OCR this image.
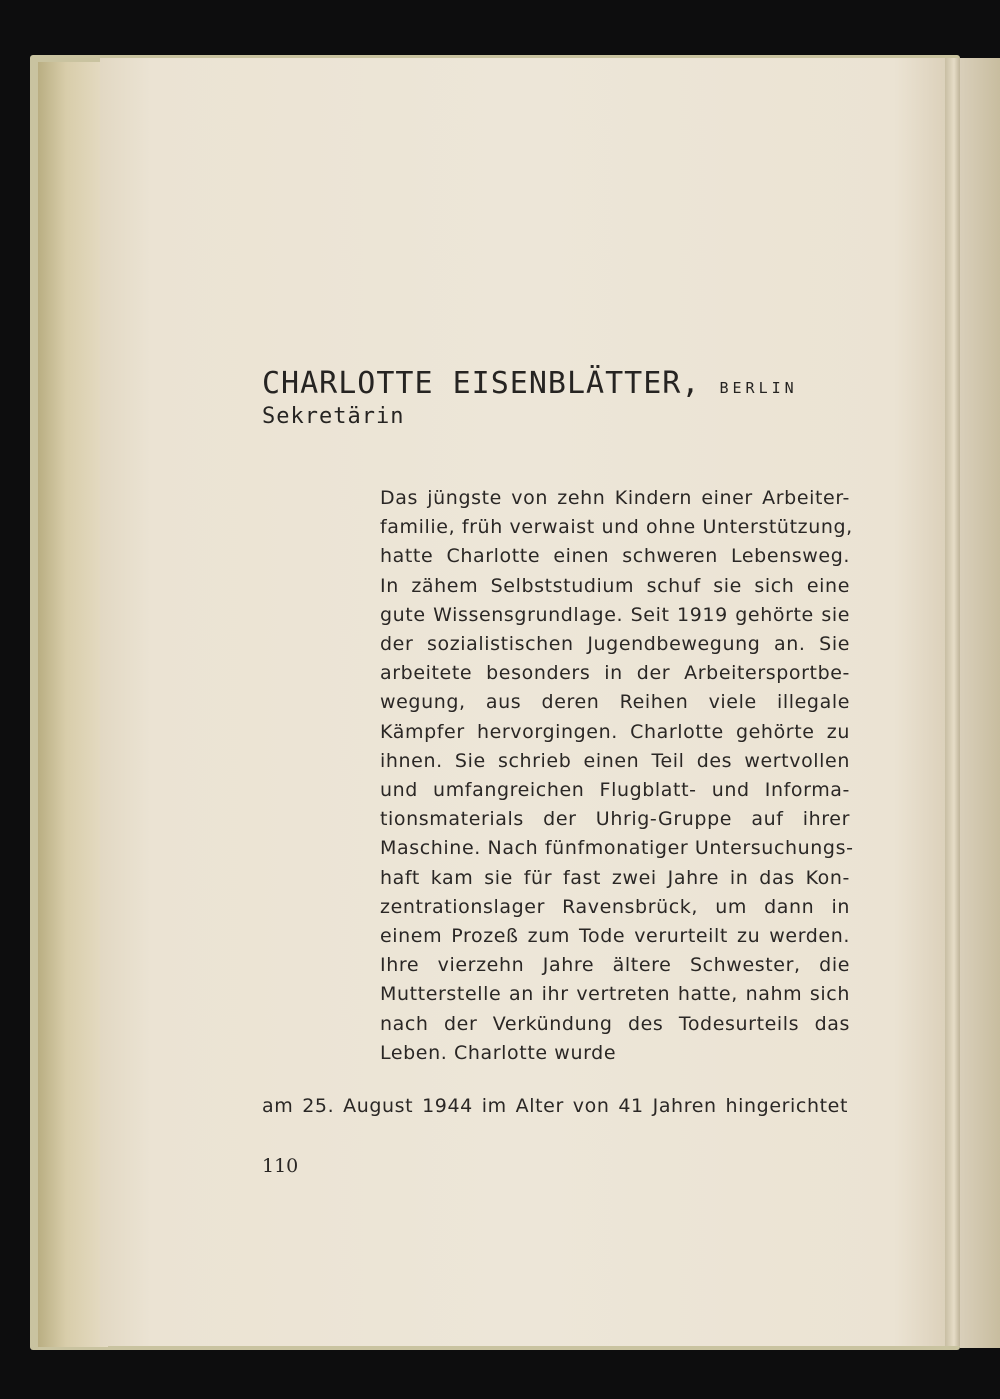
CHARLOTTE EISENBLÄTTER, BERLIN
Sekretärin
Das jüngste von zehn Kindern einer Arbeiter-
familie, früh verwaist und ohne Unterstützung,
hatte Charlotte einen schweren Lebensweg.
In zähem Selbststudium schuf sie sich eine
gute Wissensgrundlage. Seit 1919 gehörte sie
der sozialistischen Jugendbewegung an. Sie
arbeitete besonders in der Arbeitersportbe-
wegung, aus deren Reihen viele illegale
Kämpfer hervorgingen. Charlotte gehörte zu
ihnen. Sie schrieb einen Teil des wertvollen
und umfangreichen Flugblatt- und Informa-
tionsmaterials der Uhrig-Gruppe auf ihrer
Maschine. Nach fünfmonatiger Untersuchungs-
haft kam sie für fast zwei Jahre in das Kon-
zentrationslager Ravensbrück, um dann in
einem Prozeß zum Tode verurteilt zu werden.
Ihre vierzehn Jahre ältere Schwester, die
Mutterstelle an ihr vertreten hatte, nahm sich
nach der Verkündung des Todesurteils das
Leben. Charlotte wurde
am 25. August 1944 im Alter von 41 Jahren hingerichtet
110
